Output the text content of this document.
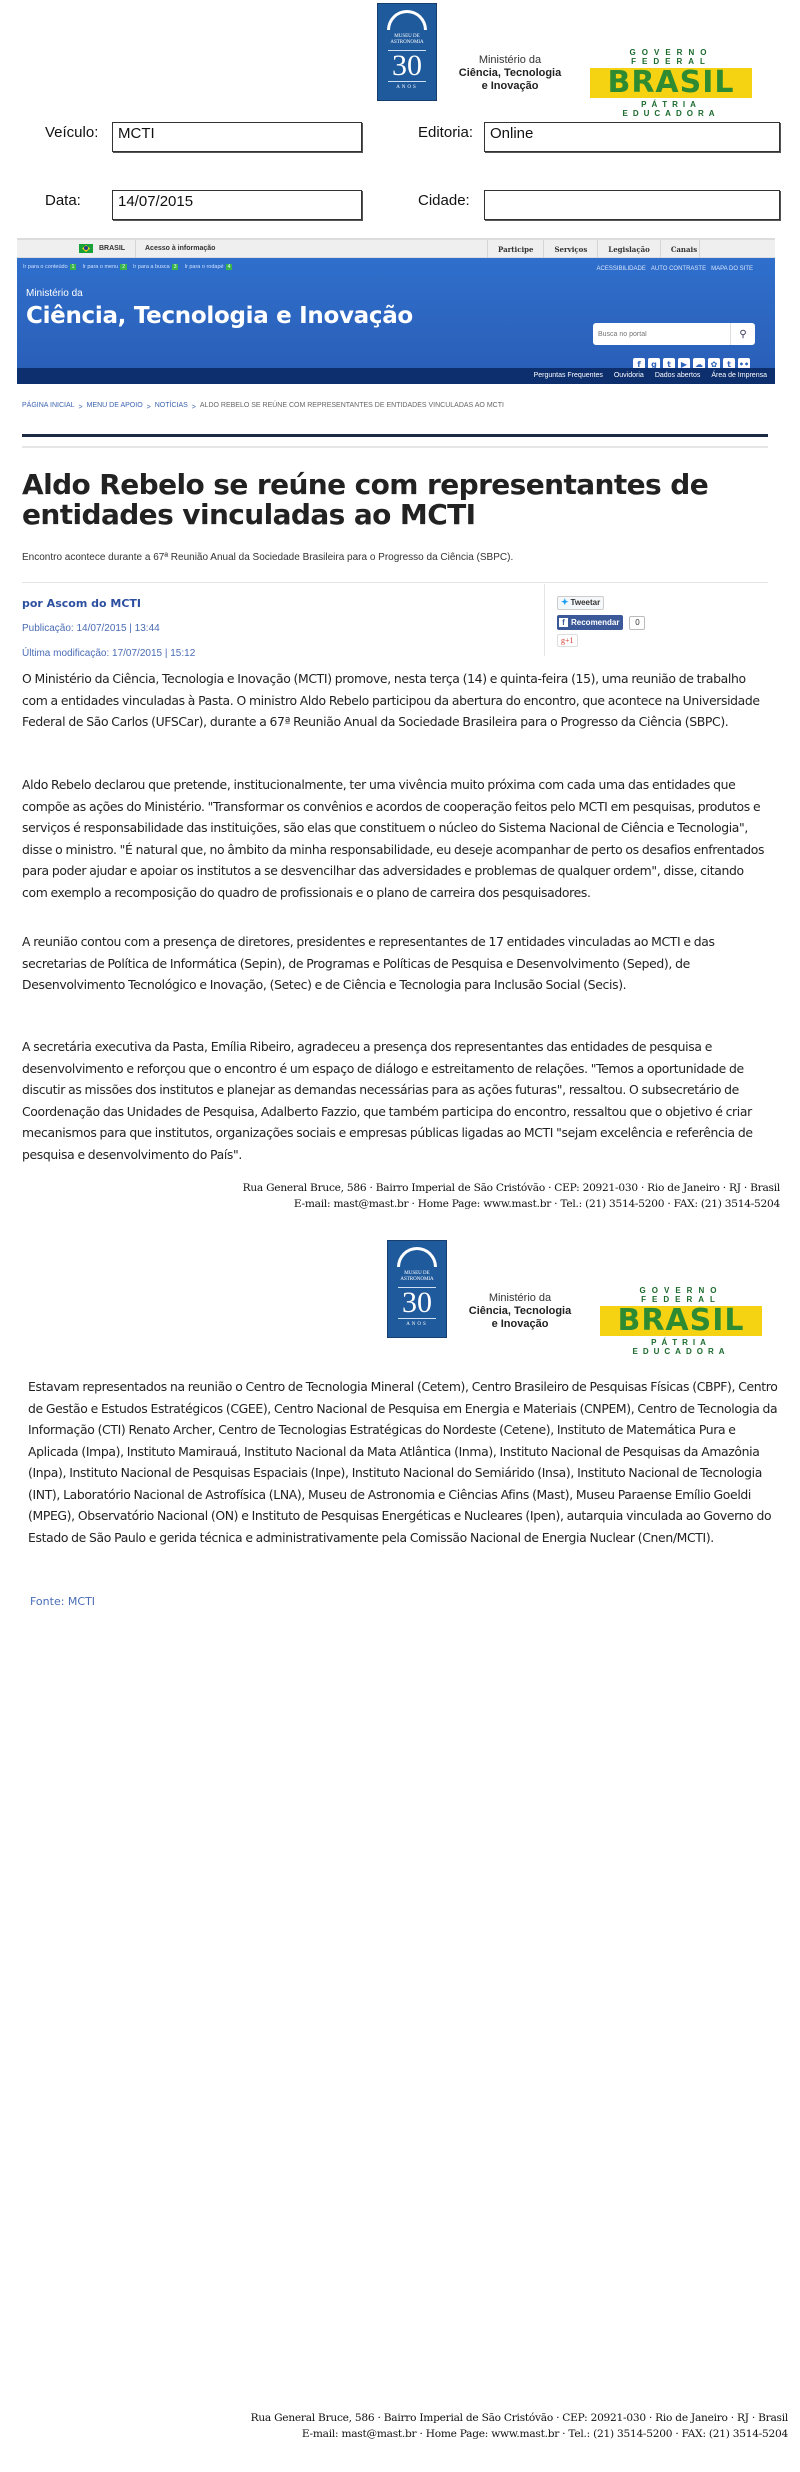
MUSEU DE
ASTRONOMIA
30
ANOS
Ministério da
Ciência, Tecnologia
e Inovação
GOVERNO FEDERAL
BRASIL
PÁTRIA EDUCADORA
Veículo:	MCTI	Editoria:	Online
Data:	14/07/2015	Cidade:
BRASIL	Acesso à informação	Participe	Serviços	Legislação	Canais
Ir para o conteúdo 1	Ir para o menu 2	Ir para a busca 3	Ir para o rodapé 4	ACESSIBILIDADE AUTO CONTRASTE MAPA DO SITE
Ministério da
Ciência, Tecnologia e Inovação
Busca no portal
⚲
f	g	t	▶ ☁ ✿	t ••
Perguntas Frequentes Ouvidoria Dados abertos Área de Imprensa
PÁGINA INICIAL > MENU DE APOIO > NOTÍCIAS > ALDO REBELO SE REÚNE COM REPRESENTANTES DE ENTIDADES VINCULADAS AO MCTI
Aldo Rebelo se reúne com representantes de entidades vinculadas ao MCTI
Encontro acontece durante a 67ª Reunião Anual da Sociedade Brasileira para o Progresso da Ciência (SBPC).
por Ascom do MCTI
Publicação: 14/07/2015 | 13:44
Última modificação: 17/07/2015 | 15:12
✦ Tweetar
f Recomendar	0
g+1

O Ministério da Ciência, Tecnologia e Inovação (MCTI) promove, nesta terça (14) e quinta-feira (15), uma reunião de trabalho com a entidades vinculadas à Pasta. O ministro Aldo Rebelo participou da abertura do encontro, que acontece na Universidade Federal de São Carlos (UFSCar), durante a 67ª Reunião Anual da Sociedade Brasileira para o Progresso da Ciência (SBPC).

Aldo Rebelo declarou que pretende, institucionalmente, ter uma vivência muito próxima com cada uma das entidades que compõe as ações do Ministério. "Transformar os convênios e acordos de cooperação feitos pelo MCTI em pesquisas, produtos e serviços é responsabilidade das instituições, são elas que constituem o núcleo do Sistema Nacional de Ciência e Tecnologia", disse o ministro. "É natural que, no âmbito da minha responsabilidade, eu deseje acompanhar de perto os desafios enfrentados para poder ajudar e apoiar os institutos a se desvencilhar das adversidades e problemas de qualquer ordem", disse, citando com exemplo a recomposição do quadro de profissionais e o plano de carreira dos pesquisadores.

A reunião contou com a presença de diretores, presidentes e representantes de 17 entidades vinculadas ao MCTI e das secretarias de Política de Informática (Sepin), de Programas e Políticas de Pesquisa e Desenvolvimento (Seped), de Desenvolvimento Tecnológico e Inovação, (Setec) e de Ciência e Tecnologia para Inclusão Social (Secis).

A secretária executiva da Pasta, Emília Ribeiro, agradeceu a presença dos representantes das entidades de pesquisa e desenvolvimento e reforçou que o encontro é um espaço de diálogo e estreitamento de relações. "Temos a oportunidade de discutir as missões dos institutos e planejar as demandas necessárias para as ações futuras", ressaltou. O subsecretário de Coordenação das Unidades de Pesquisa, Adalberto Fazzio, que também participa do encontro, ressaltou que o objetivo é criar mecanismos para que institutos, organizações sociais e empresas públicas ligadas ao MCTI "sejam excelência e referência de pesquisa e desenvolvimento do País".

Rua General Bruce, 586 · Bairro Imperial de São Cristóvão · CEP: 20921-030 · Rio de Janeiro · RJ · Brasil
E-mail: mast@mast.br · Home Page: www.mast.br · Tel.: (21) 3514-5200 · FAX: (21) 3514-5204
MUSEU DE
ASTRONOMIA
30
ANOS
Ministério da
Ciência, Tecnologia
e Inovação
GOVERNO FEDERAL
BRASIL
PÁTRIA EDUCADORA

Estavam representados na reunião o Centro de Tecnologia Mineral (Cetem), Centro Brasileiro de Pesquisas Físicas (CBPF), Centro de Gestão e Estudos Estratégicos (CGEE), Centro Nacional de Pesquisa em Energia e Materiais (CNPEM), Centro de Tecnologia da Informação (CTI) Renato Archer, Centro de Tecnologias Estratégicas do Nordeste (Cetene), Instituto de Matemática Pura e Aplicada (Impa), Instituto Mamirauá, Instituto Nacional da Mata Atlântica (Inma), Instituto Nacional de Pesquisas da Amazônia (Inpa), Instituto Nacional de Pesquisas Espaciais (Inpe), Instituto Nacional do Semiárido (Insa), Instituto Nacional de Tecnologia (INT), Laboratório Nacional de Astrofísica (LNA), Museu de Astronomia e Ciências Afins (Mast), Museu Paraense Emílio Goeldi (MPEG), Observatório Nacional (ON) e Instituto de Pesquisas Energéticas e Nucleares (Ipen), autarquia vinculada ao Governo do Estado de São Paulo e gerida técnica e administrativamente pela Comissão Nacional de Energia Nuclear (Cnen/MCTI).

Fonte: MCTI
Rua General Bruce, 586 · Bairro Imperial de São Cristóvão · CEP: 20921-030 · Rio de Janeiro · RJ · Brasil
E-mail: mast@mast.br · Home Page: www.mast.br · Tel.: (21) 3514-5200 · FAX: (21) 3514-5204
